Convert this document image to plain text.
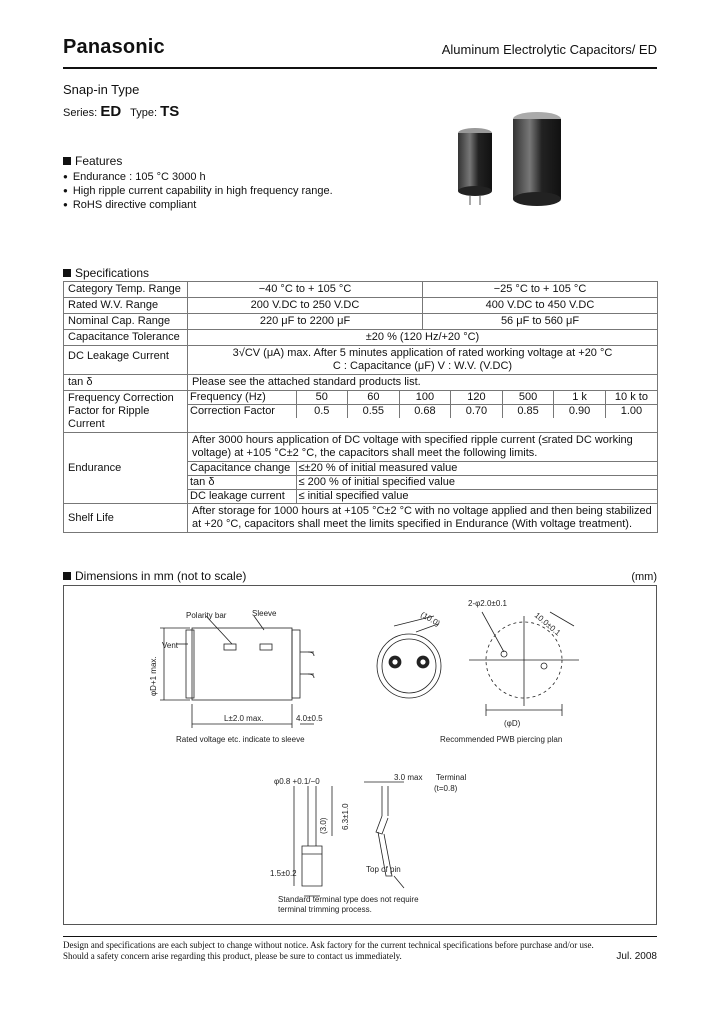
Panasonic	Aluminum Electrolytic Capacitors/ ED
Snap-in Type
Series: ED Type: TS
Features
● Endurance : 105 °C 3000 h
● High ripple current capability in high frequency range.
● RoHS directive compliant
Specifications
Category Temp. Range	−40 °C to + 105 °C	−25 °C to + 105 °C
Rated W.V. Range	200 V.DC to 250 V.DC	400 V.DC to 450 V.DC
Nominal Cap. Range	220 μF to 2200 μF	56 μF to 560 μF
Capacitance Tolerance	±20 % (120 Hz/+20 °C)
DC Leakage Current	3√CV (μA) max. After 5 minutes application of rated working voltage at +20 °C
C : Capacitance (μF) V : W.V. (V.DC)

tan δ	Please see the attached standard products list.

Frequency Correction
Factor for Ripple Current

Frequency (Hz)	50	60	100	120	500	1 k	10 k to
Correction Factor	0.5	0.55	0.68	0.70	0.85	0.90	1.00

Endurance	
After 3000 hours application of DC voltage with specified ripple current (≤rated DC working voltage) at +105 °C±2 °C, the capacitors shall meet the following limits.
Capacitance change	≤±20 % of initial measured value
tan δ	≤ 200 % of initial specified value
DC leakage current	≤ initial specified value

Shelf Life	After storage for 1000 hours at +105 °C±2 °C with no voltage applied and then being stabilized at +20 °C, capacitors shall meet the limits specified in Endurance (With voltage treatment).
Dimensions in mm (not to scale)	(mm)
Polarity bar	Sleeve
Vent
φD+1 max.
L±2.0 max.	4.0±0.5
Rated voltage etc. indicate to sleeve
(10.0)
2-φ2.0±0.1
10.0±0.1
(φD)
Recommended PWB piercing plan
φ0.8 +0.1/−0
6.3±1.0
(3.0)
1.5±0.2
3.0 max Terminal
(t=0.8)
Top of pin
Standard terminal type does not require
terminal trimming process.
Design and specifications are each subject to change without notice. Ask factory for the current technical specifications before purchase and/or use.
Should a safety concern arise regarding this product, please be sure to contact us immediately.	Jul. 2008
